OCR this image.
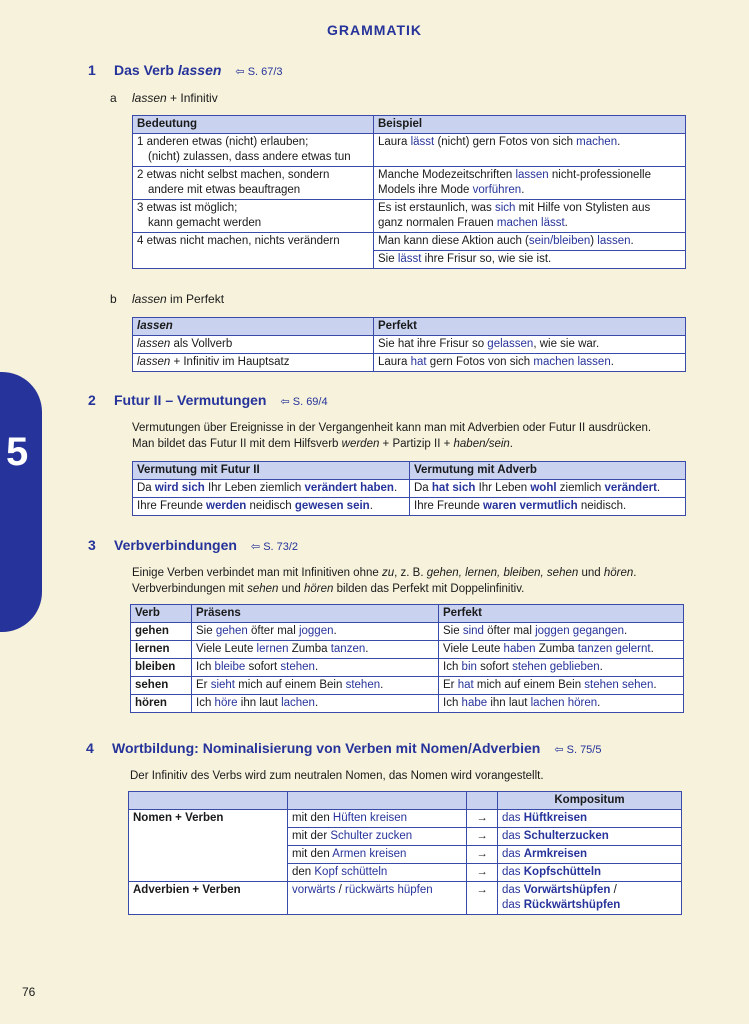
GRAMMATIK
5
1 Das Verb lassen ⇦ S. 67/3
a lassen + Infinitiv
Bedeutung	Beispiel
1 anderen etwas (nicht) erlauben;
(nicht) zulassen, dass andere etwas tun	Laura lässt (nicht) gern Fotos von sich machen.
2 etwas nicht selbst machen, sondern
andere mit etwas beauftragen	Manche Modezeitschriften lassen nicht-professionelle
Models ihre Mode vorführen.
3 etwas ist möglich;
kann gemacht werden	Es ist erstaunlich, was sich mit Hilfe von Stylisten aus
ganz normalen Frauen machen lässt.
4 etwas nicht machen, nichts verändern	Man kann diese Aktion auch (sein/bleiben) lassen.
	Sie lässt ihre Frisur so, wie sie ist.
b lassen im Perfekt
lassen	Perfekt
lassen als Vollverb	Sie hat ihre Frisur so gelassen, wie sie war.
lassen + Infinitiv im Hauptsatz	Laura hat gern Fotos von sich machen lassen.
2 Futur II – Vermutungen ⇦ S. 69/4
Vermutungen über Ereignisse in der Vergangenheit kann man mit Adverbien oder Futur II ausdrücken.
Man bildet das Futur II mit dem Hilfsverb werden + Partizip II + haben/sein.
Vermutung mit Futur II	Vermutung mit Adverb
Da wird sich Ihr Leben ziemlich verändert haben.	Da hat sich Ihr Leben wohl ziemlich verändert.
Ihre Freunde werden neidisch gewesen sein.	Ihre Freunde waren vermutlich neidisch.
3 Verbverbindungen ⇦ S. 73/2
Einige Verben verbindet man mit Infinitiven ohne zu, z. B. gehen, lernen, bleiben, sehen und hören.
Verbverbindungen mit sehen und hören bilden das Perfekt mit Doppelinfinitiv.
Verb	Präsens	Perfekt
gehen	Sie gehen öfter mal joggen.	Sie sind öfter mal joggen gegangen.
lernen	Viele Leute lernen Zumba tanzen.	Viele Leute haben Zumba tanzen gelernt.
bleiben	Ich bleibe sofort stehen.	Ich bin sofort stehen geblieben.
sehen	Er sieht mich auf einem Bein stehen.	Er hat mich auf einem Bein stehen sehen.
hören	Ich höre ihn laut lachen.	Ich habe ihn laut lachen hören.
4 Wortbildung: Nominalisierung von Verben mit Nomen/Adverbien ⇦ S. 75/5
Der Infinitiv des Verbs wird zum neutralen Nomen, das Nomen wird vorangestellt.
			Kompositum
Nomen + Verben	mit den Hüften kreisen	→	das Hüftkreisen
	mit der Schulter zucken	→	das Schulterzucken
	mit den Armen kreisen	→	das Armkreisen
	den Kopf schütteln	→	das Kopfschütteln
Adverbien + Verben	vorwärts / rückwärts hüpfen	→	das Vorwärtshüpfen /
das Rückwärtshüpfen
76
